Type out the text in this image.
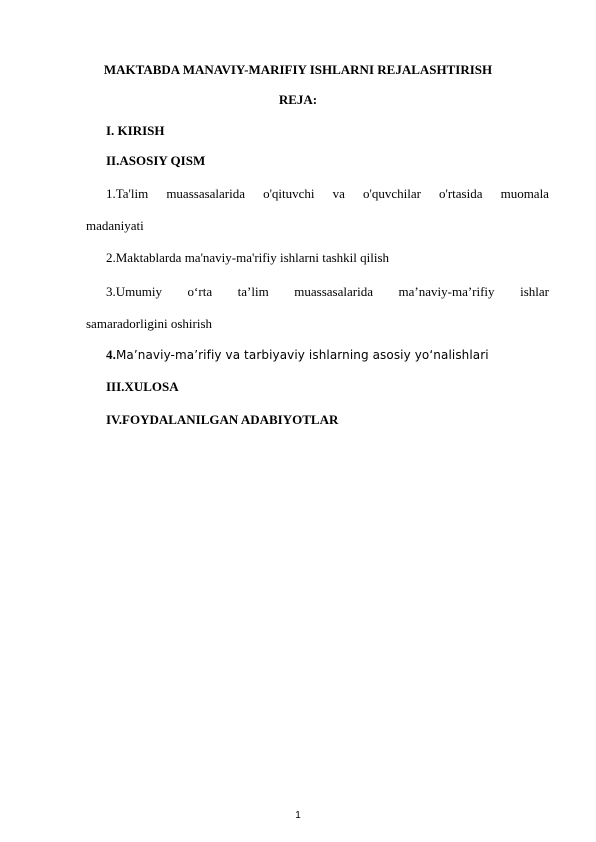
MAKTABDA MANAVIY-MARIFIY ISHLARNI REJALASHTIRISH
REJA:
I. KIRISH
II.ASOSIY QISM
1.Ta'lim muassasalarida o'qituvchi va o'quvchilar o'rtasida muomala
madaniyati
2.Maktablarda ma'naviy-ma'rifiy ishlarni tashkil qilish
3.Umumiy o‘rta ta’lim muassasalarida ma’naviy-ma’rifiy ishlar
samaradorligini oshirish
4.Ma’naviy-ma’rifiy va tarbiyaviy ishlarning asosiy yo‘nalishlari
III.XULOSA
IV.FOYDALANILGAN ADABIYOTLAR
1
